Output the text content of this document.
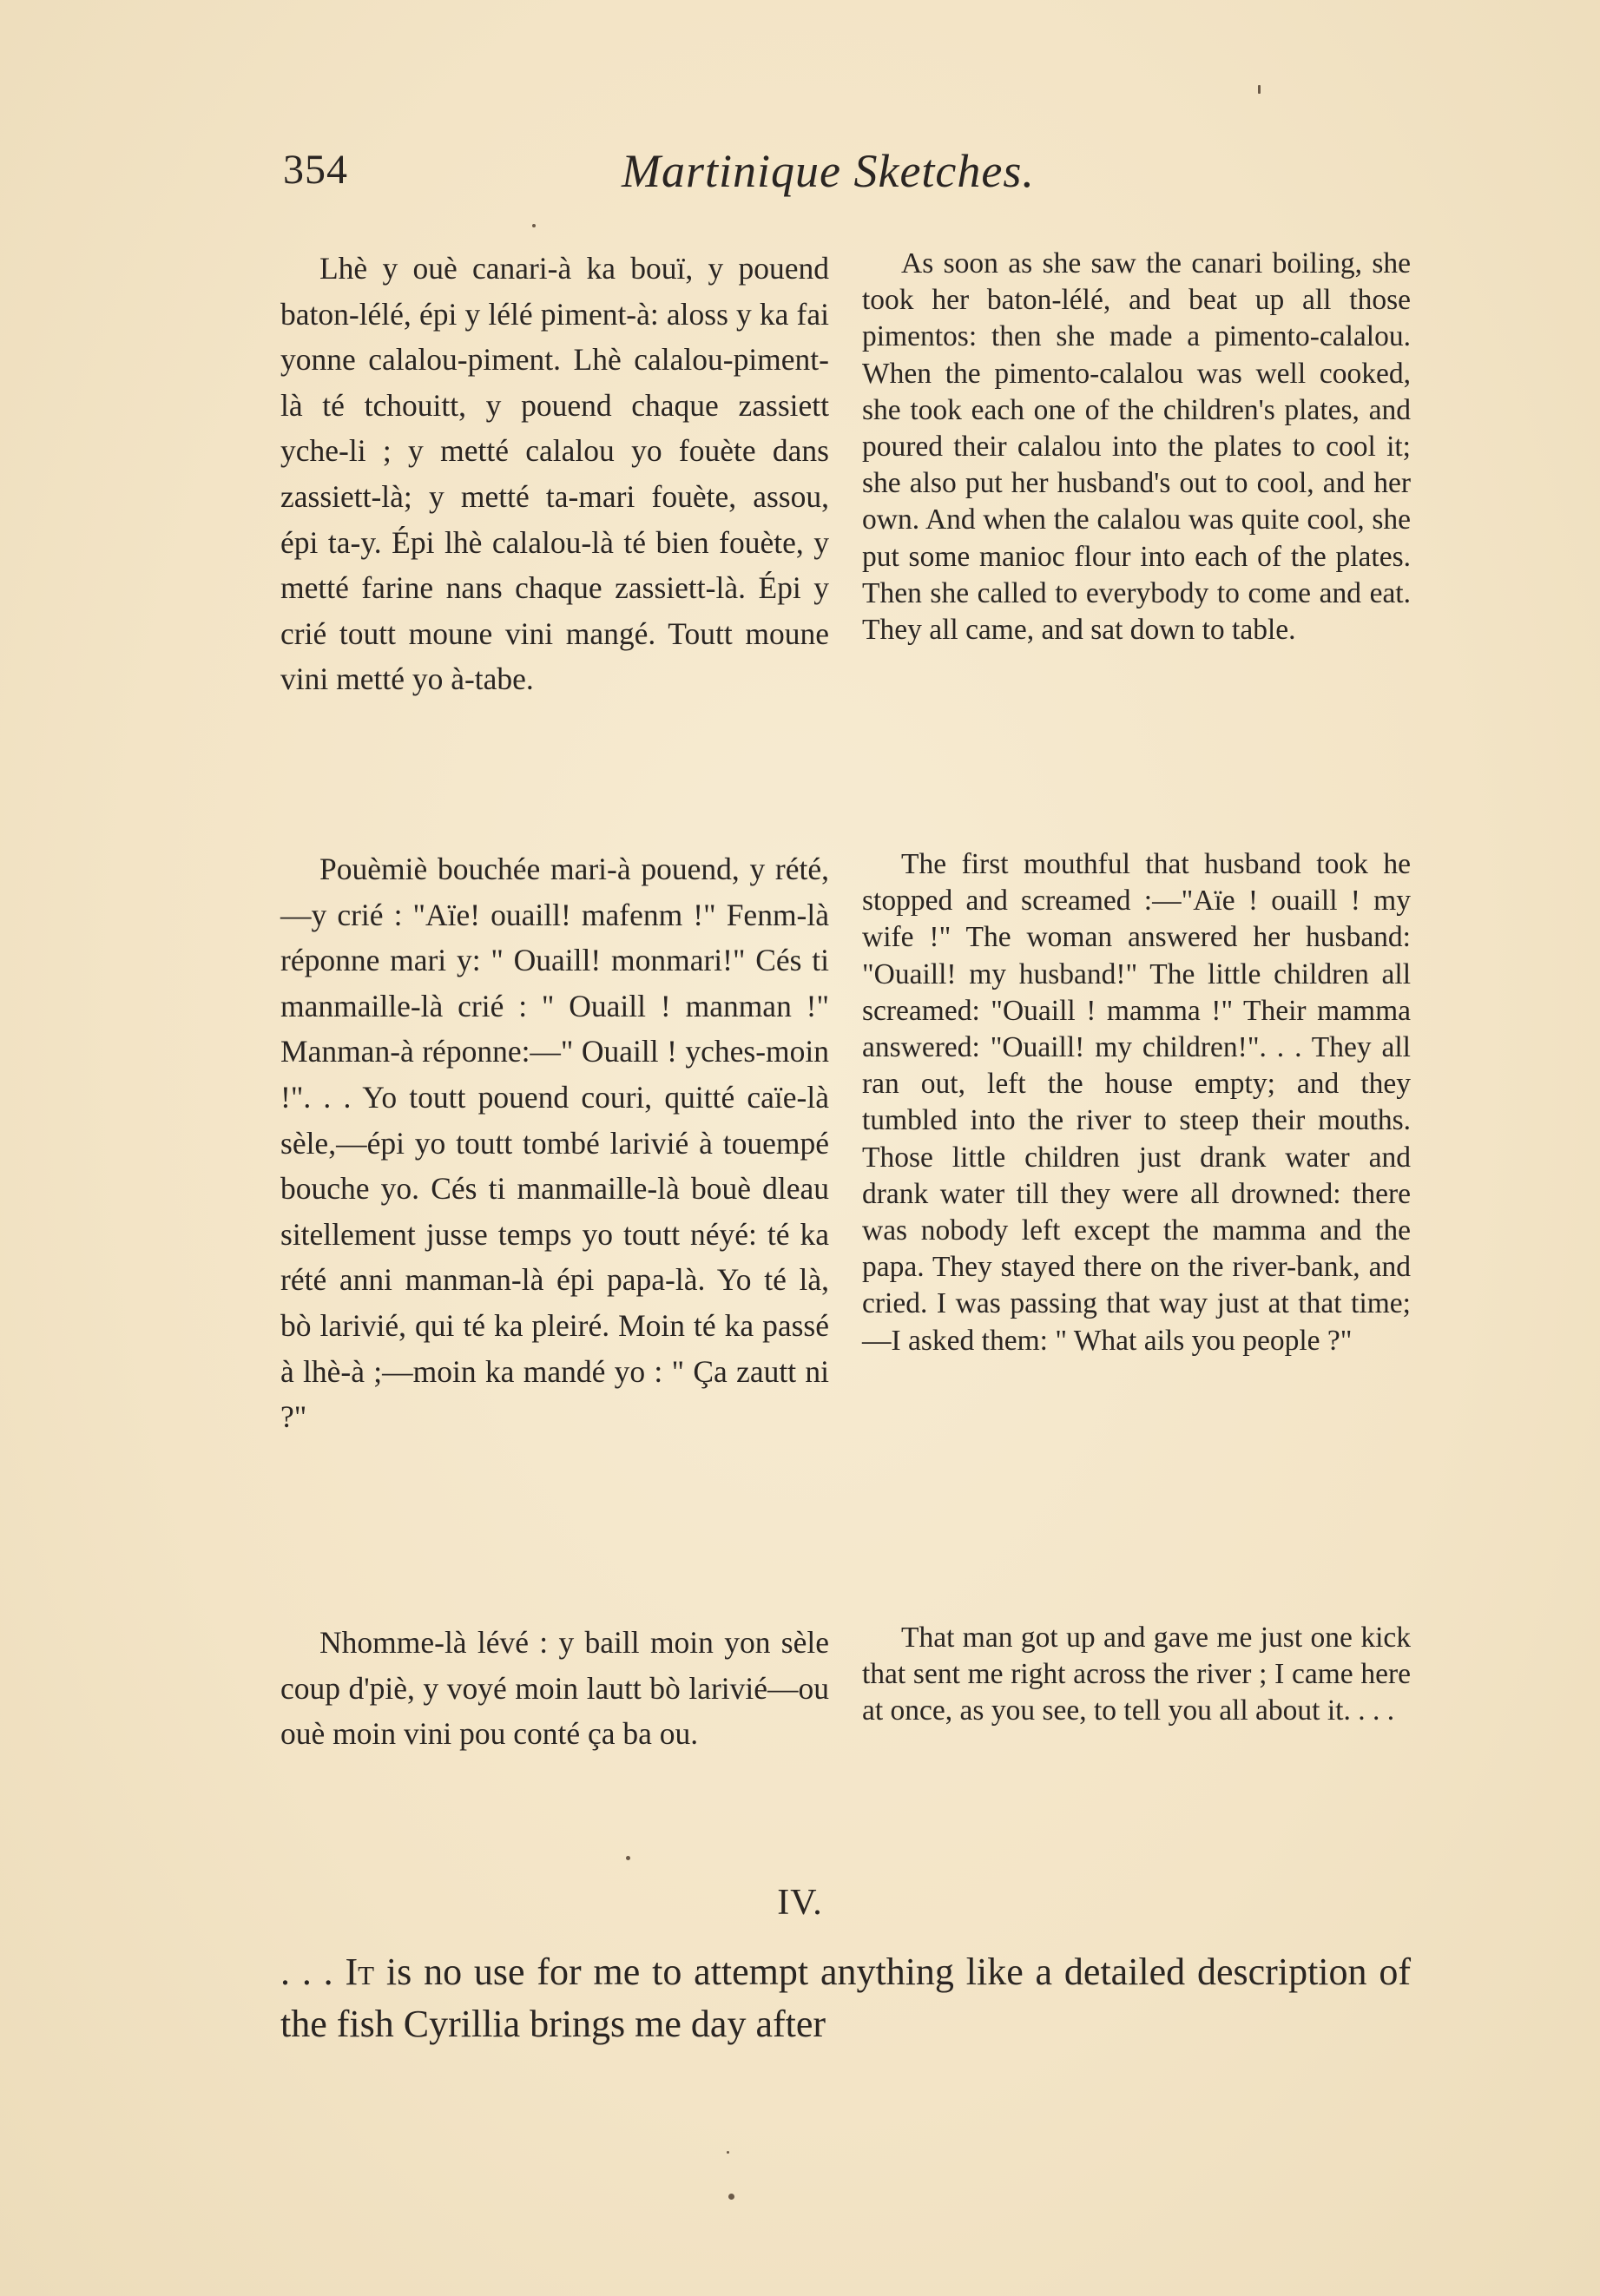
354	Martinique Sketches.

Lhè y ouè canari-à ka bouï, y pouend baton-lélé, épi y lélé piment-à: aloss y ka fai yonne calalou-piment. Lhè calalou-piment-là té tchouitt, y pouend chaque zassiett yche-li ; y metté calalou yo fouète dans zassiett-là; y metté ta-mari fouète, assou, épi ta-y. Épi lhè calalou-là té bien fouète, y metté farine nans chaque zassiett-là. Épi y crié toutt moune vini mangé. Toutt moune vini metté yo à-tabe.

As soon as she saw the canari boiling, she took her baton-lélé, and beat up all those pimentos: then she made a pimento-calalou. When the pimento-calalou was well cooked, she took each one of the children's plates, and poured their calalou into the plates to cool it; she also put her husband's out to cool, and her own. And when the calalou was quite cool, she put some manioc flour into each of the plates. Then she called to everybody to come and eat. They all came, and sat down to table.

Pouèmiè bouchée mari-à pouend, y rété,—y crié : "Aïe! ouaill! mafenm !" Fenm-là réponne mari y: " Ouaill! monmari!" Cés ti manmaille-là crié : " Ouaill ! manman !" Manman-à réponne:—" Ouaill ! yches-moin !". . . Yo toutt pouend couri, quitté caïe-là sèle,—épi yo toutt tombé larivié à touempé bouche yo. Cés ti manmaille-là bouè dleau sitellement jusse temps yo toutt néyé: té ka rété anni manman-là épi papa-là. Yo té là, bò larivié, qui té ka pleiré. Moin té ka passé à lhè-à ;—moin ka mandé yo : " Ça zautt ni ?"

The first mouthful that husband took he stopped and screamed :—"Aïe ! ouaill ! my wife !" The woman answered her husband: "Ouaill! my husband!" The little children all screamed: "Ouaill ! mamma !" Their mamma answered: "Ouaill! my children!". . . They all ran out, left the house empty; and they tumbled into the river to steep their mouths. Those little children just drank water and drank water till they were all drowned: there was nobody left except the mamma and the papa. They stayed there on the river-bank, and cried. I was passing that way just at that time;—I asked them: " What ails you people ?"

Nhomme-là lévé : y baill moin yon sèle coup d'piè, y voyé moin lautt bò larivié—ou ouè moin vini pou conté ça ba ou.

That man got up and gave me just one kick that sent me right across the river ; I came here at once, as you see, to tell you all about it. . . .

IV.

. . . It is no use for me to attempt anything like a detailed description of the fish Cyrillia brings me day after
